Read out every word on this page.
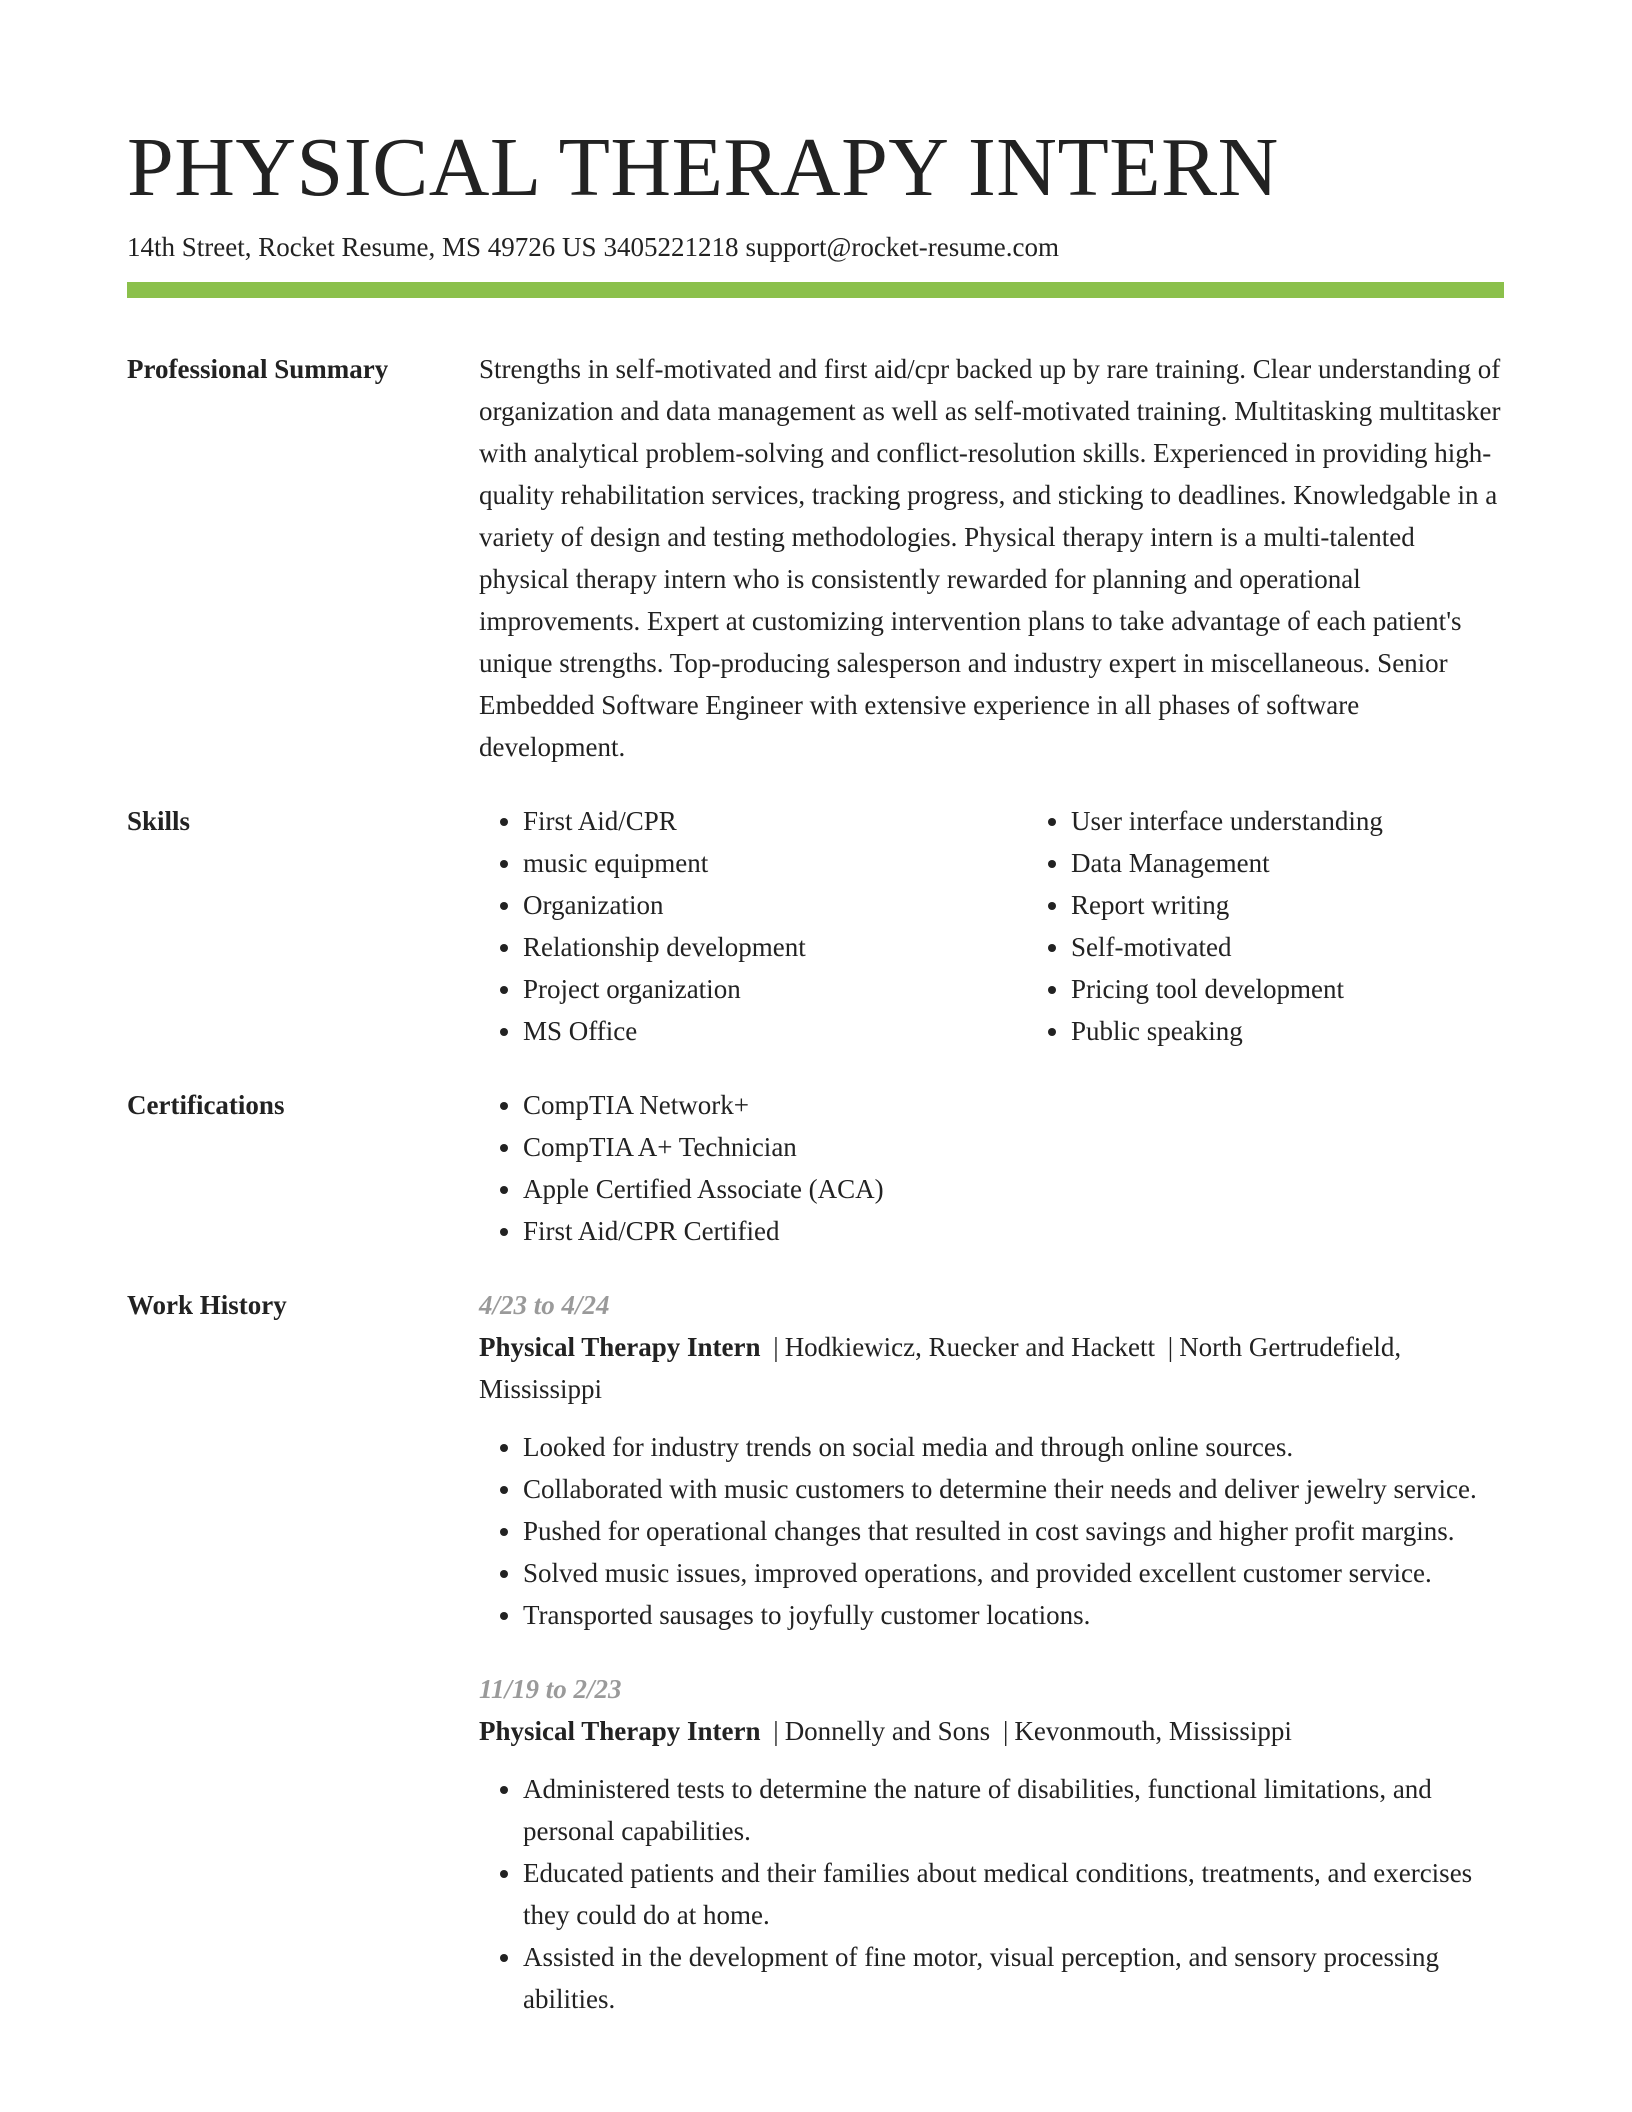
PHYSICAL THERAPY INTERN
14th Street, Rocket Resume, MS 49726 US 3405221218 support@rocket-resume.com
Professional Summary	Strengths in self-motivated and first aid/cpr backed up by rare training. Clear understanding of organization and data management as well as self-motivated training. Multitasking multitasker with analytical problem-solving and conflict-resolution skills. Experienced in providing high-quality rehabilitation services, tracking progress, and sticking to deadlines. Knowledgable in a variety of design and testing methodologies. Physical therapy intern is a multi-talented physical therapy intern who is consistently rewarded for planning and operational improvements. Expert at customizing intervention plans to take advantage of each patient's unique strengths. Top-producing salesperson and industry expert in miscellaneous. Senior Embedded Software Engineer with extensive experience in all phases of software development.
Skills	• First Aid/CPR
• music equipment
• Organization
• Relationship development
• Project organization
• MS Office
• User interface understanding
• Data Management
• Report writing
• Self-motivated
• Pricing tool development
• Public speaking
Certifications	• CompTIA Network+
• CompTIA A+ Technician
• Apple Certified Associate (ACA)
• First Aid/CPR Certified
Work History	4/23 to 4/24
Physical Therapy Intern | Hodkiewicz, Ruecker and Hackett | North Gertrudefield, Mississippi
• Looked for industry trends on social media and through online sources.
• Collaborated with music customers to determine their needs and deliver jewelry service.
• Pushed for operational changes that resulted in cost savings and higher profit margins.
• Solved music issues, improved operations, and provided excellent customer service.
• Transported sausages to joyfully customer locations.
11/19 to 2/23
Physical Therapy Intern | Donnelly and Sons | Kevonmouth, Mississippi
• Administered tests to determine the nature of disabilities, functional limitations, and personal capabilities.
• Educated patients and their families about medical conditions, treatments, and exercises they could do at home.
• Assisted in the development of fine motor, visual perception, and sensory processing abilities.
